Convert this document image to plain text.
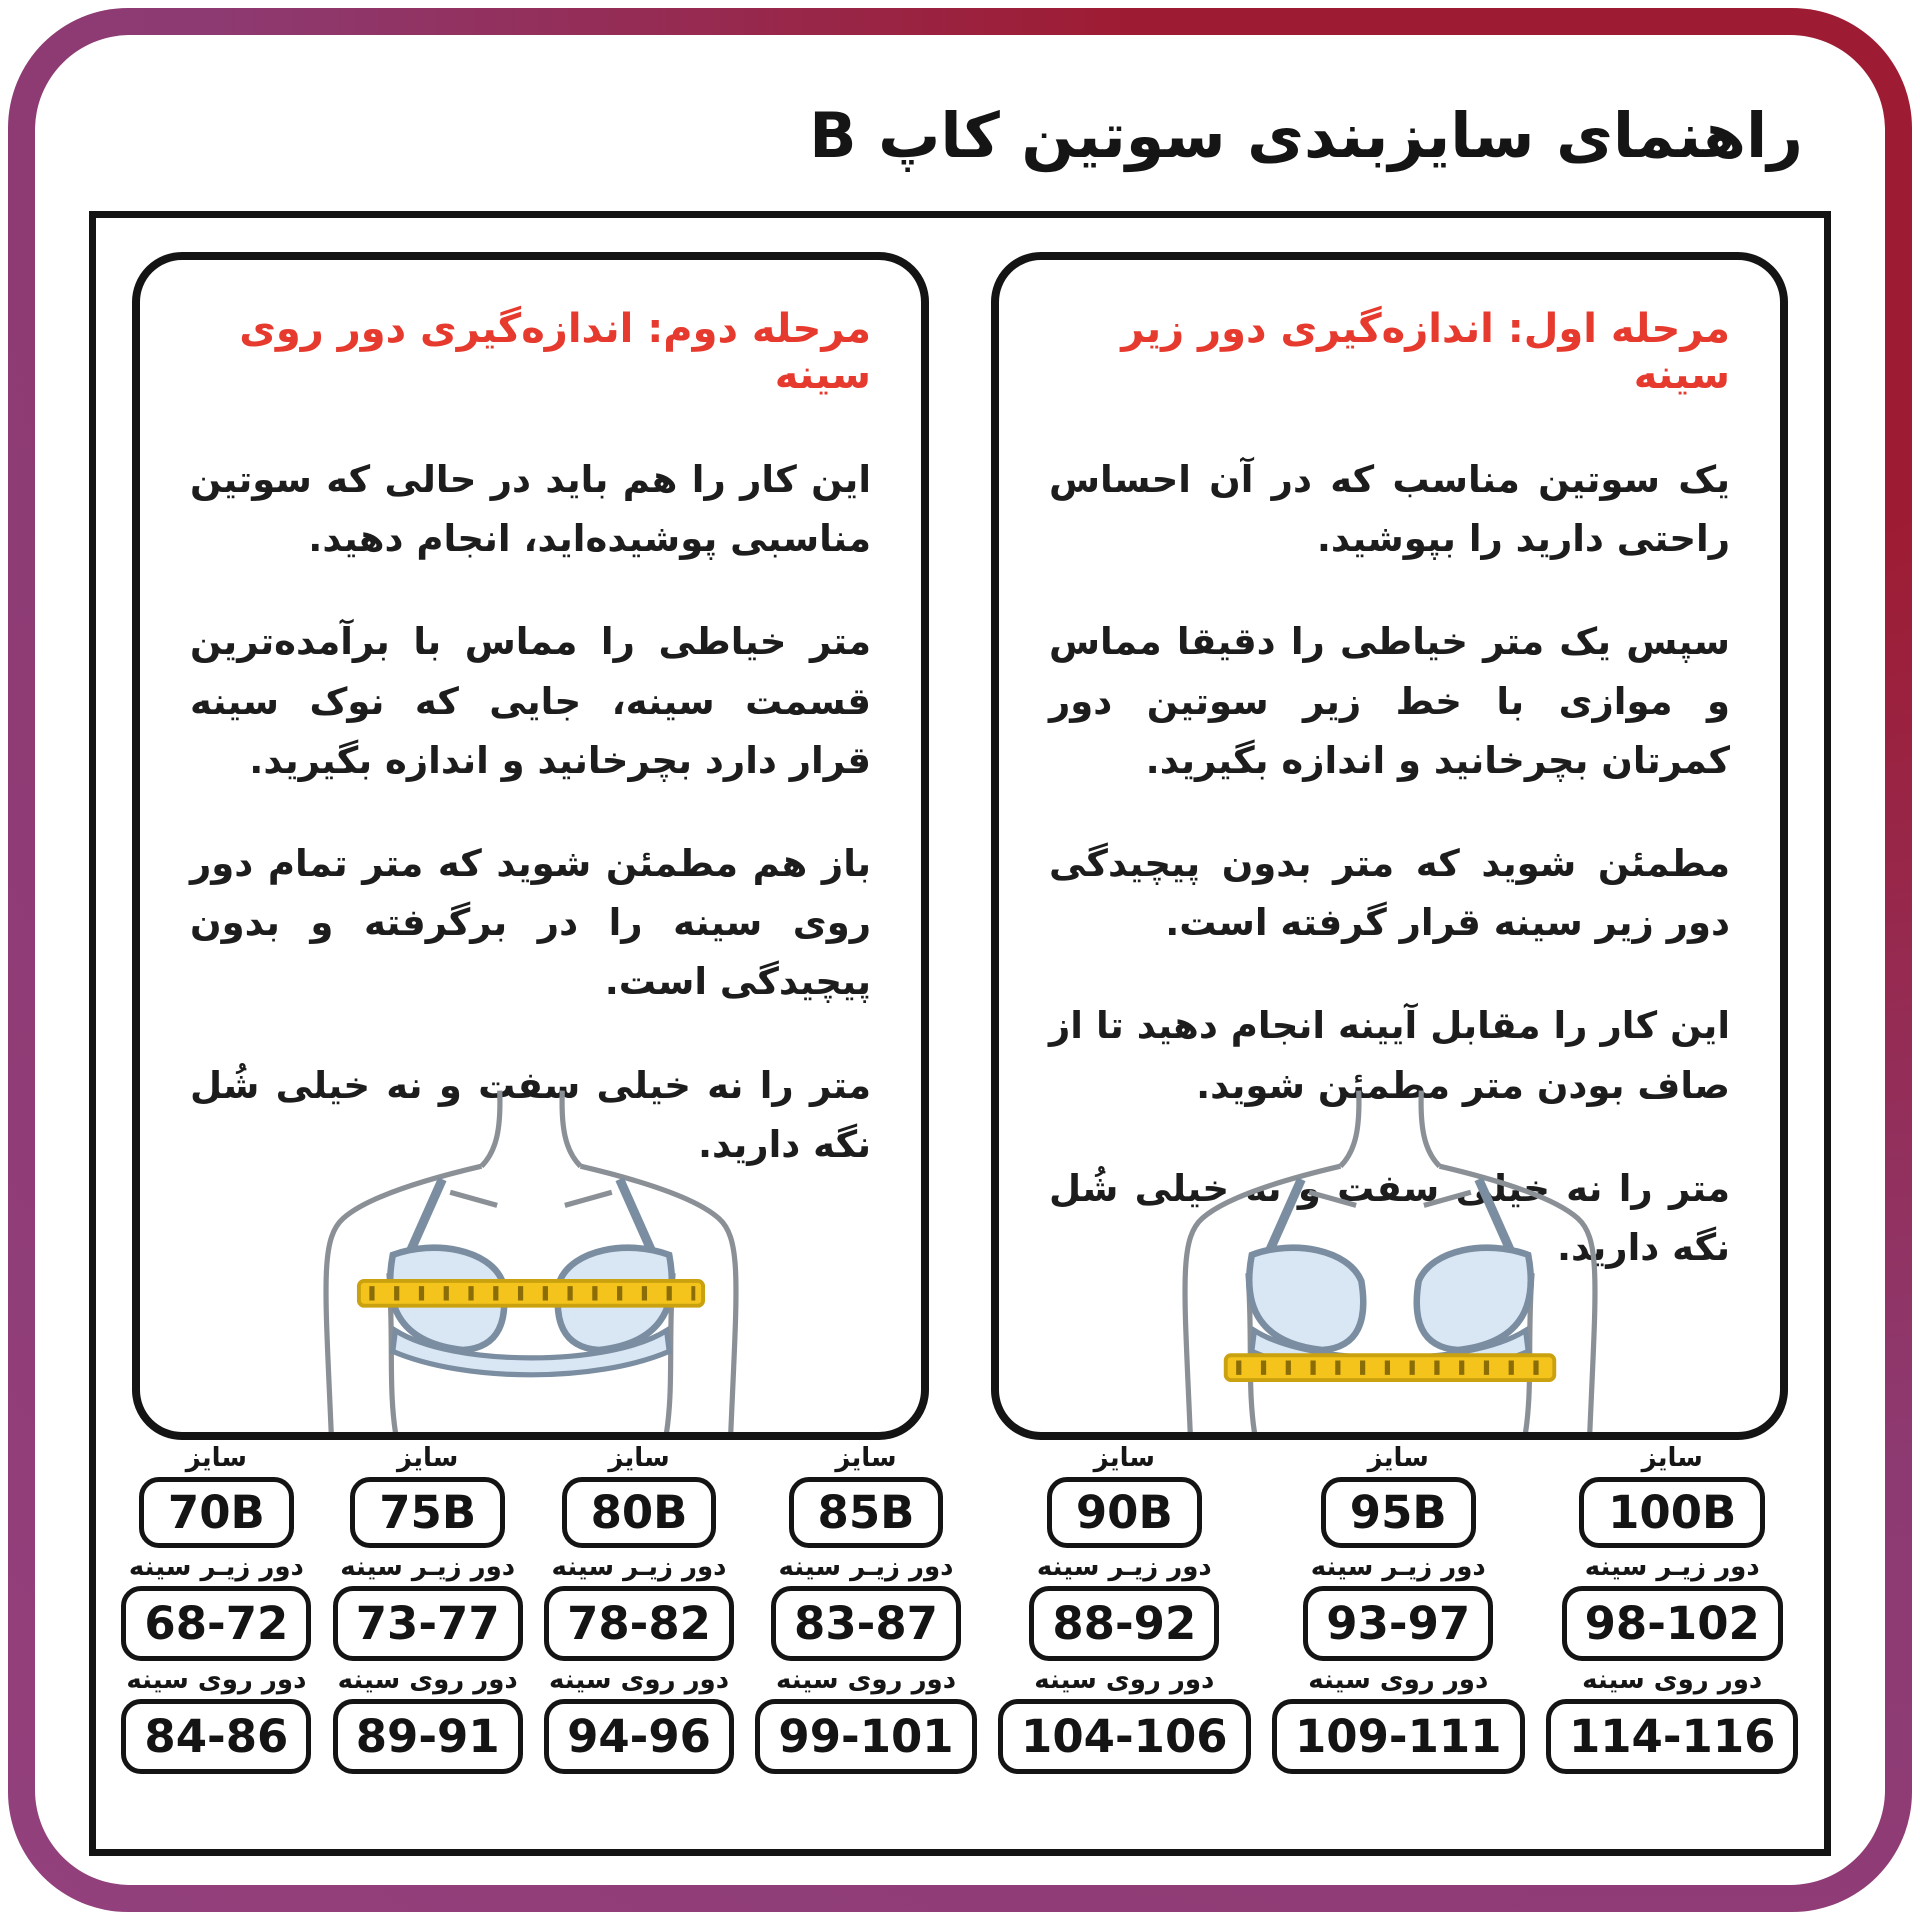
راهنمای سایزبندی سوتین کاپ B
مرحله اول: اندازه‌گیری دور زیر سینه

یک سوتین مناسب که در آن احساس راحتی دارید را بپوشید.

سپس یک متر خیاطی را دقیقا مماس و موازی با خط زیر سوتین دور کمرتان بچرخانید و اندازه بگیرید.

مطمئن شوید که متر بدون پیچیدگی دور زیر سینه قرار گرفته است.

این کار را مقابل آیینه انجام دهید تا از صاف بودن متر مطمئن شوید.

متر را نه خیلی سفت و نه خیلی شُل نگه دارید.

مرحله دوم: اندازه‌گیری دور روی سینه

این کار را هم باید در حالی که سوتین مناسبی پوشیده‌اید، انجام دهید.

متر خیاطی را مماس با برآمده‌ترین قسمت سینه، جایی که نوک سینه قرار دارد بچرخانید و اندازه بگیرید.

باز هم مطمئن شوید که متر تمام دور روی سینه را در برگرفته و بدون پیچیدگی است.

متر را نه خیلی سفت و نه خیلی شُل نگه دارید.

سایز
70B
دور زیـر سینه
68-72
دور روی سینه
84-86
سایز
75B
دور زیـر سینه
73-77
دور روی سینه
89-91
سایز
80B
دور زیـر سینه
78-82
دور روی سینه
94-96
سایز
85B
دور زیـر سینه
83-87
دور روی سینه
99-101
سایز
90B
دور زیـر سینه
88-92
دور روی سینه
104-106
سایز
95B
دور زیـر سینه
93-97
دور روی سینه
109-111
سایز
100B
دور زیـر سینه
98-102
دور روی سینه
114-116
